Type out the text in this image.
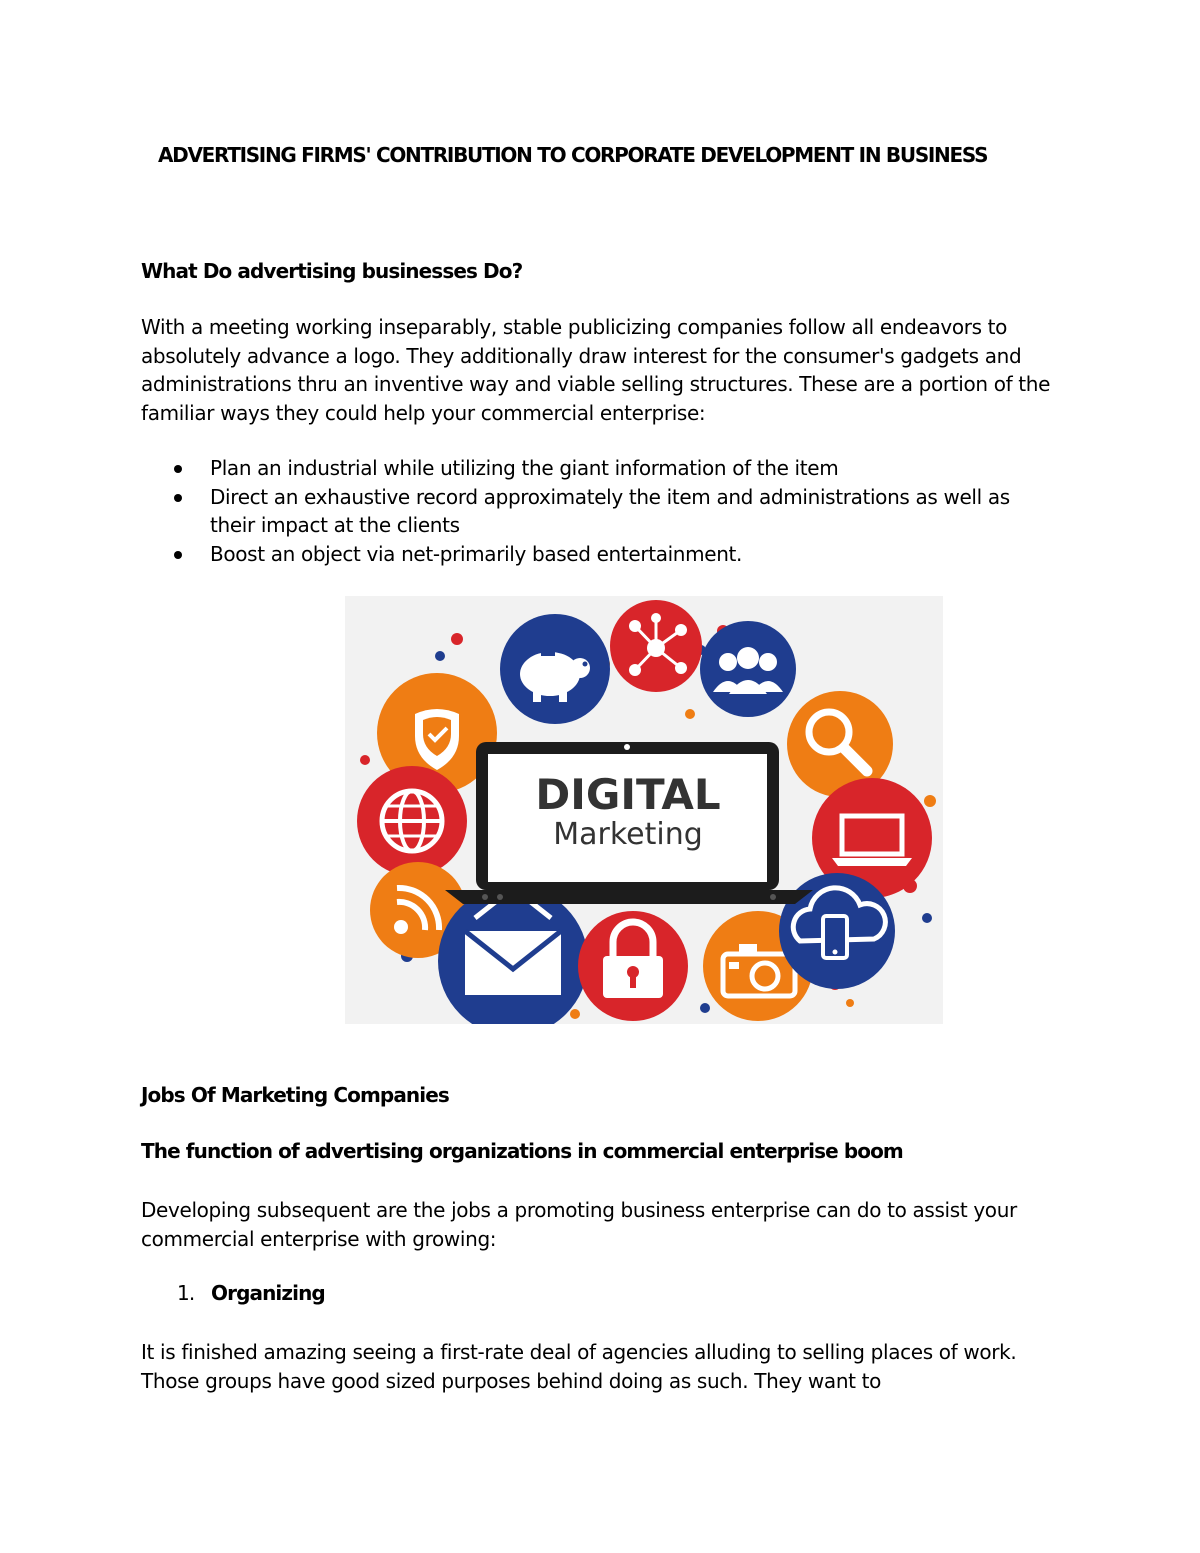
ADVERTISING FIRMS' CONTRIBUTION TO CORPORATE DEVELOPMENT IN BUSINESS
What Do advertising businesses Do?

With a meeting working inseparably, stable publicizing companies follow all endeavors to absolutely advance a logo. They additionally draw interest for the consumer's gadgets and administrations thru an inventive way and viable selling structures. These are a portion of the familiar ways they could help your commercial enterprise:

Plan an industrial while utilizing the giant information of the item
Direct an exhaustive record approximately the item and administrations as well as their impact at the clients
Boost an object via net-primarily based entertainment.
DIGITAL
Marketing
Jobs Of Marketing Companies
The function of advertising organizations in commercial enterprise boom

Developing subsequent are the jobs a promoting business enterprise can do to assist your commercial enterprise with growing:

1. Organizing

It is finished amazing seeing a first-rate deal of agencies alluding to selling places of work. Those groups have good sized purposes behind doing as such. They want to
